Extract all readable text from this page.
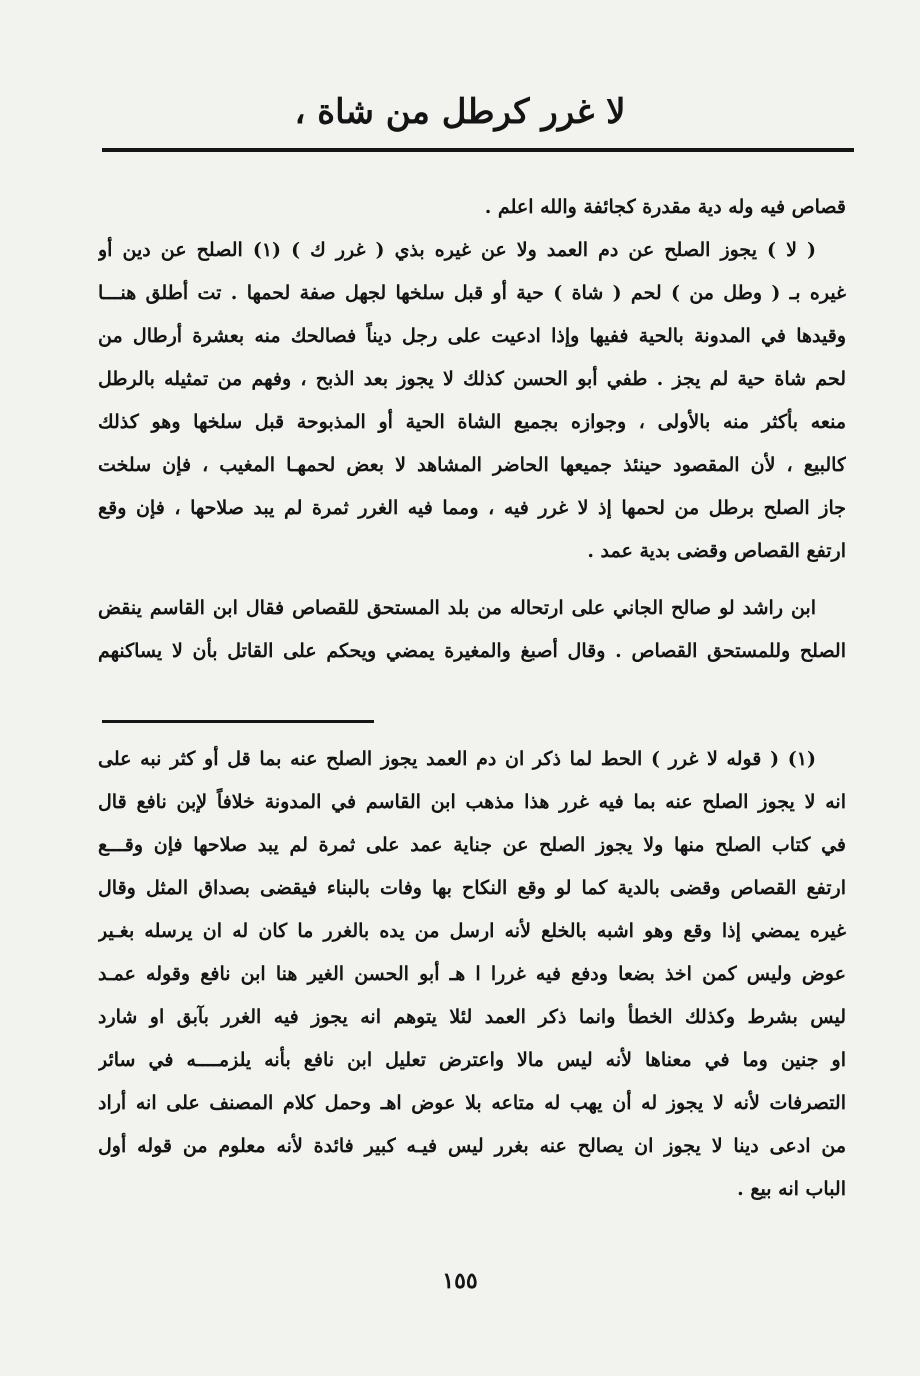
لا غرر كرطل من شاة ،
قصاص فيه وله دية مقدرة كجائفة والله اعلم .
( لا ) يجوز الصلح عن دم العمد ولا عن غيره بذي ( غرر ك ) (١) الصلح عن دين أو
غيره بـ ( وطل من ) لحم ( شاة ) حية أو قبل سلخها لجهل صفة لحمها . تت أطلق هنـــا
وقيدها في المدونة بالحية ففيها وإذا ادعيت على رجل ديناً فصالحك منه بعشرة أرطال من
لحم شاة حية لم يجز . طفي أبو الحسن كذلك لا يجوز بعد الذبح ، وفهم من تمثيله بالرطل
منعه بأكثر منه بالأولى ، وجوازه بجميع الشاة الحية أو المذبوحة قبل سلخها وهو كذلك
كالبيع ، لأن المقصود حينئذ جميعها الحاضر المشاهد لا بعض لحمهـا المغيب ، فإن سلخت
جاز الصلح برطل من لحمها إذ لا غرر فيه ، ومما فيه الغرر ثمرة لم يبد صلاحها ، فإن وقع
ارتفع القصاص وقضى بدية عمد .
ابن راشد لو صالح الجاني على ارتحاله من بلد المستحق للقصاص فقال ابن القاسم ينقض
الصلح وللمستحق القصاص . وقال أصبغ والمغيرة يمضي ويحكم على القاتل بأن لا يساكنهم
(١) ( قوله لا غرر ) الحط لما ذكر ان دم العمد يجوز الصلح عنه بما قل أو كثر نبه على
انه لا يجوز الصلح عنه بما فيه غرر هذا مذهب ابن القاسم في المدونة خلافاً لإبن نافع قال
في كتاب الصلح منها ولا يجوز الصلح عن جناية عمد على ثمرة لم يبد صلاحها فإن وقـــع
ارتفع القصاص وقضى بالدية كما لو وقع النكاح بها وفات بالبناء فيقضى بصداق المثل وقال
غيره يمضي إذا وقع وهو اشبه بالخلع لأنه ارسل من يده بالغرر ما كان له ان يرسله بغـير
عوض وليس كمن اخذ بضعا ودفع فيه غررا ا هـ أبو الحسن الغير هنا ابن نافع وقوله عمـد
ليس بشرط وكذلك الخطأ وانما ذكر العمد لئلا يتوهم انه يجوز فيه الغرر بآبق او شارد
او جنين وما في معناها لأنه ليس مالا واعترض تعليل ابن نافع بأنه يلزمــــه في سائر
التصرفات لأنه لا يجوز له أن يهب له متاعه بلا عوض اهـ وحمل كلام المصنف على انه أراد
من ادعى دينا لا يجوز ان يصالح عنه بغرر ليس فيـه كبير فائدة لأنه معلوم من قوله أول
الباب انه بيع .
١٥٥
